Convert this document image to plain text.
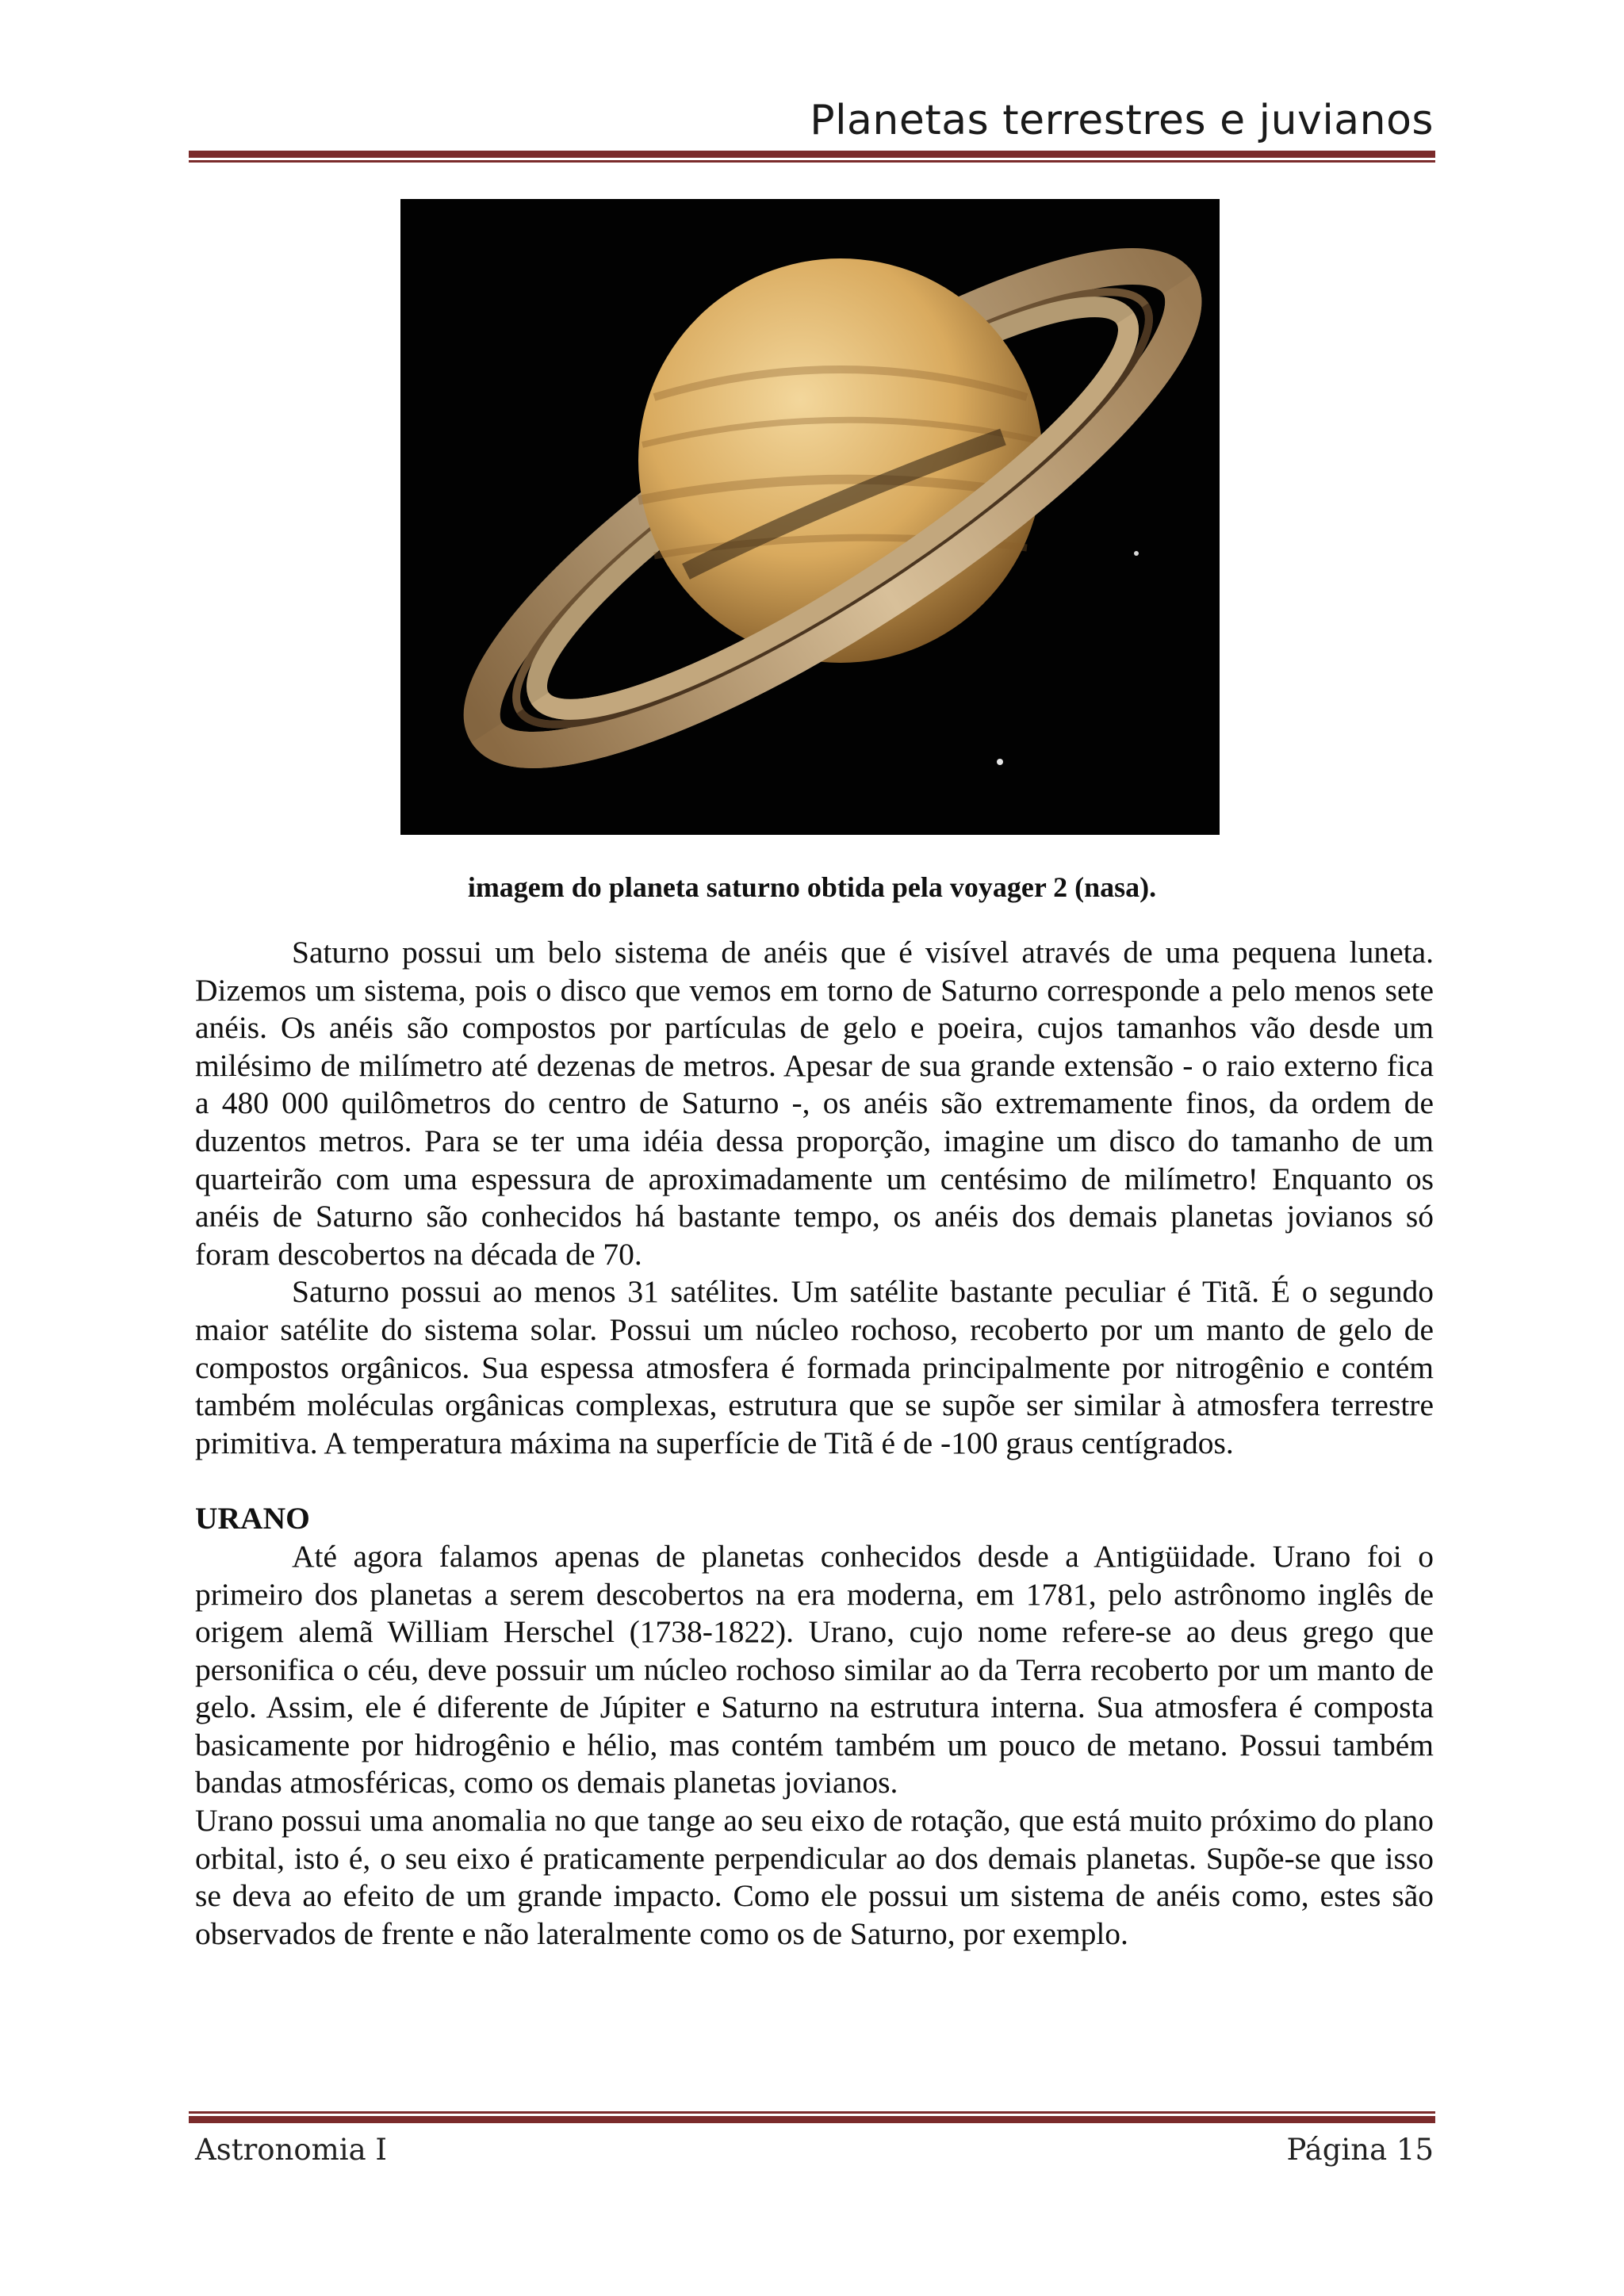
Planetas terrestres e juvianos
imagem do planeta saturno obtida pela voyager 2 (nasa).

Saturno possui um belo sistema de anéis que é visível através de uma pequena luneta. Dizemos um sistema, pois o disco que vemos em torno de Saturno corresponde a pelo menos sete anéis. Os anéis são compostos por partículas de gelo e poeira, cujos tamanhos vão desde um milésimo de milímetro até dezenas de metros. Apesar de sua grande extensão - o raio externo fica a 480 000 quilômetros do centro de Saturno -, os anéis são extremamente finos, da ordem de duzentos metros. Para se ter uma idéia dessa proporção, imagine um disco do tamanho de um quarteirão com uma espessura de aproximadamente um centésimo de milímetro! Enquanto os anéis de Saturno são conhecidos há bastante tempo, os anéis dos demais planetas jovianos só foram descobertos na década de 70.

Saturno possui ao menos 31 satélites. Um satélite bastante peculiar é Titã. É o segundo maior satélite do sistema solar. Possui um núcleo rochoso, recoberto por um manto de gelo de compostos orgânicos. Sua espessa atmosfera é formada principalmente por nitrogênio e contém também moléculas orgânicas complexas, estrutura que se supõe ser similar à atmosfera terrestre primitiva. A temperatura máxima na superfície de Titã é de -100 graus centígrados.

URANO

Até agora falamos apenas de planetas conhecidos desde a Antigüidade. Urano foi o primeiro dos planetas a serem descobertos na era moderna, em 1781, pelo astrônomo inglês de origem alemã William Herschel (1738-1822). Urano, cujo nome refere-se ao deus grego que personifica o céu, deve possuir um núcleo rochoso similar ao da Terra recoberto por um manto de gelo. Assim, ele é diferente de Júpiter e Saturno na estrutura interna. Sua atmosfera é composta basicamente por hidrogênio e hélio, mas contém também um pouco de metano. Possui também bandas atmosféricas, como os demais planetas jovianos.

Urano possui uma anomalia no que tange ao seu eixo de rotação, que está muito próximo do plano orbital, isto é, o seu eixo é praticamente perpendicular ao dos demais planetas. Supõe-se que isso se deva ao efeito de um grande impacto. Como ele possui um sistema de anéis como, estes são observados de frente e não lateralmente como os de Saturno, por exemplo.

Astronomia I	Página 15
